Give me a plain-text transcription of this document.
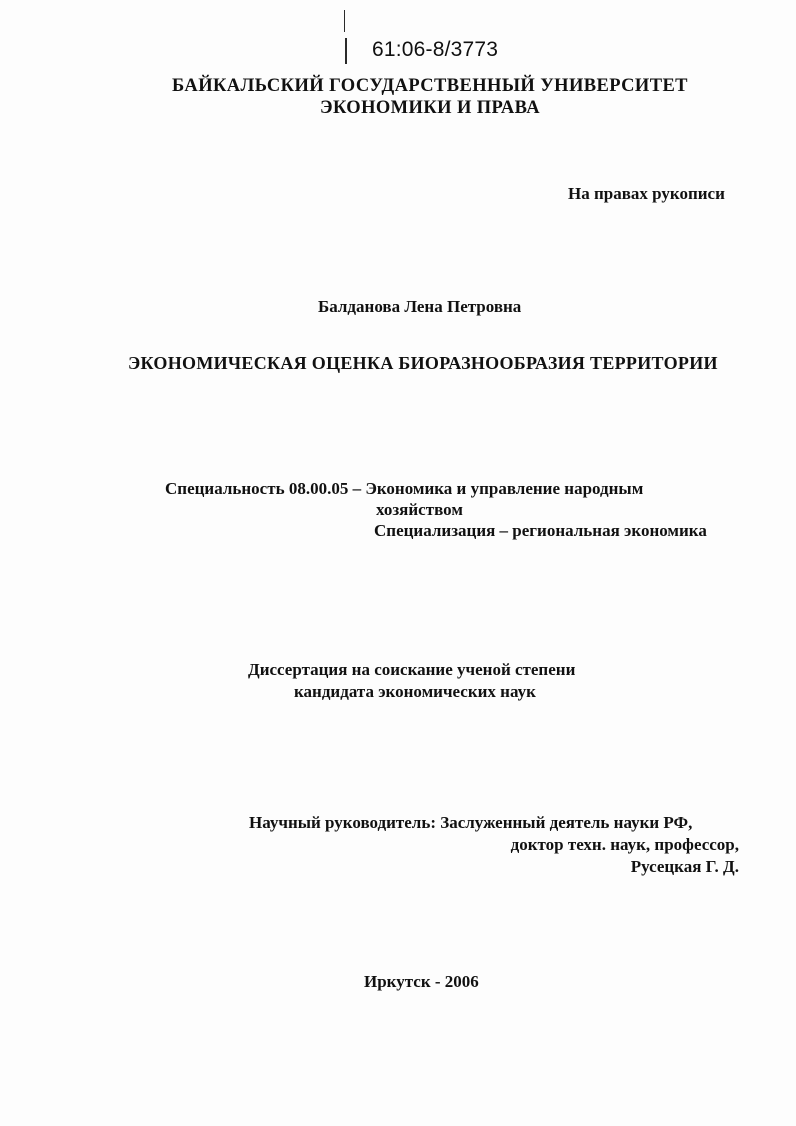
61:06-8/3773
БАЙКАЛЬСКИЙ ГОСУДАРСТВЕННЫЙ УНИВЕРСИТЕТ
ЭКОНОМИКИ И ПРАВА
На правах рукописи
Балданова Лена Петровна
ЭКОНОМИЧЕСКАЯ ОЦЕНКА БИОРАЗНООБРАЗИЯ ТЕРРИТОРИИ
Специальность 08.00.05 – Экономика и управление народным
хозяйством
Специализация – региональная экономика
Диссертация на соискание ученой степени
кандидата экономических наук
Научный руководитель: Заслуженный деятель науки РФ,
доктор техн. наук, профессор,
Русецкая Г. Д.
Иркутск - 2006
